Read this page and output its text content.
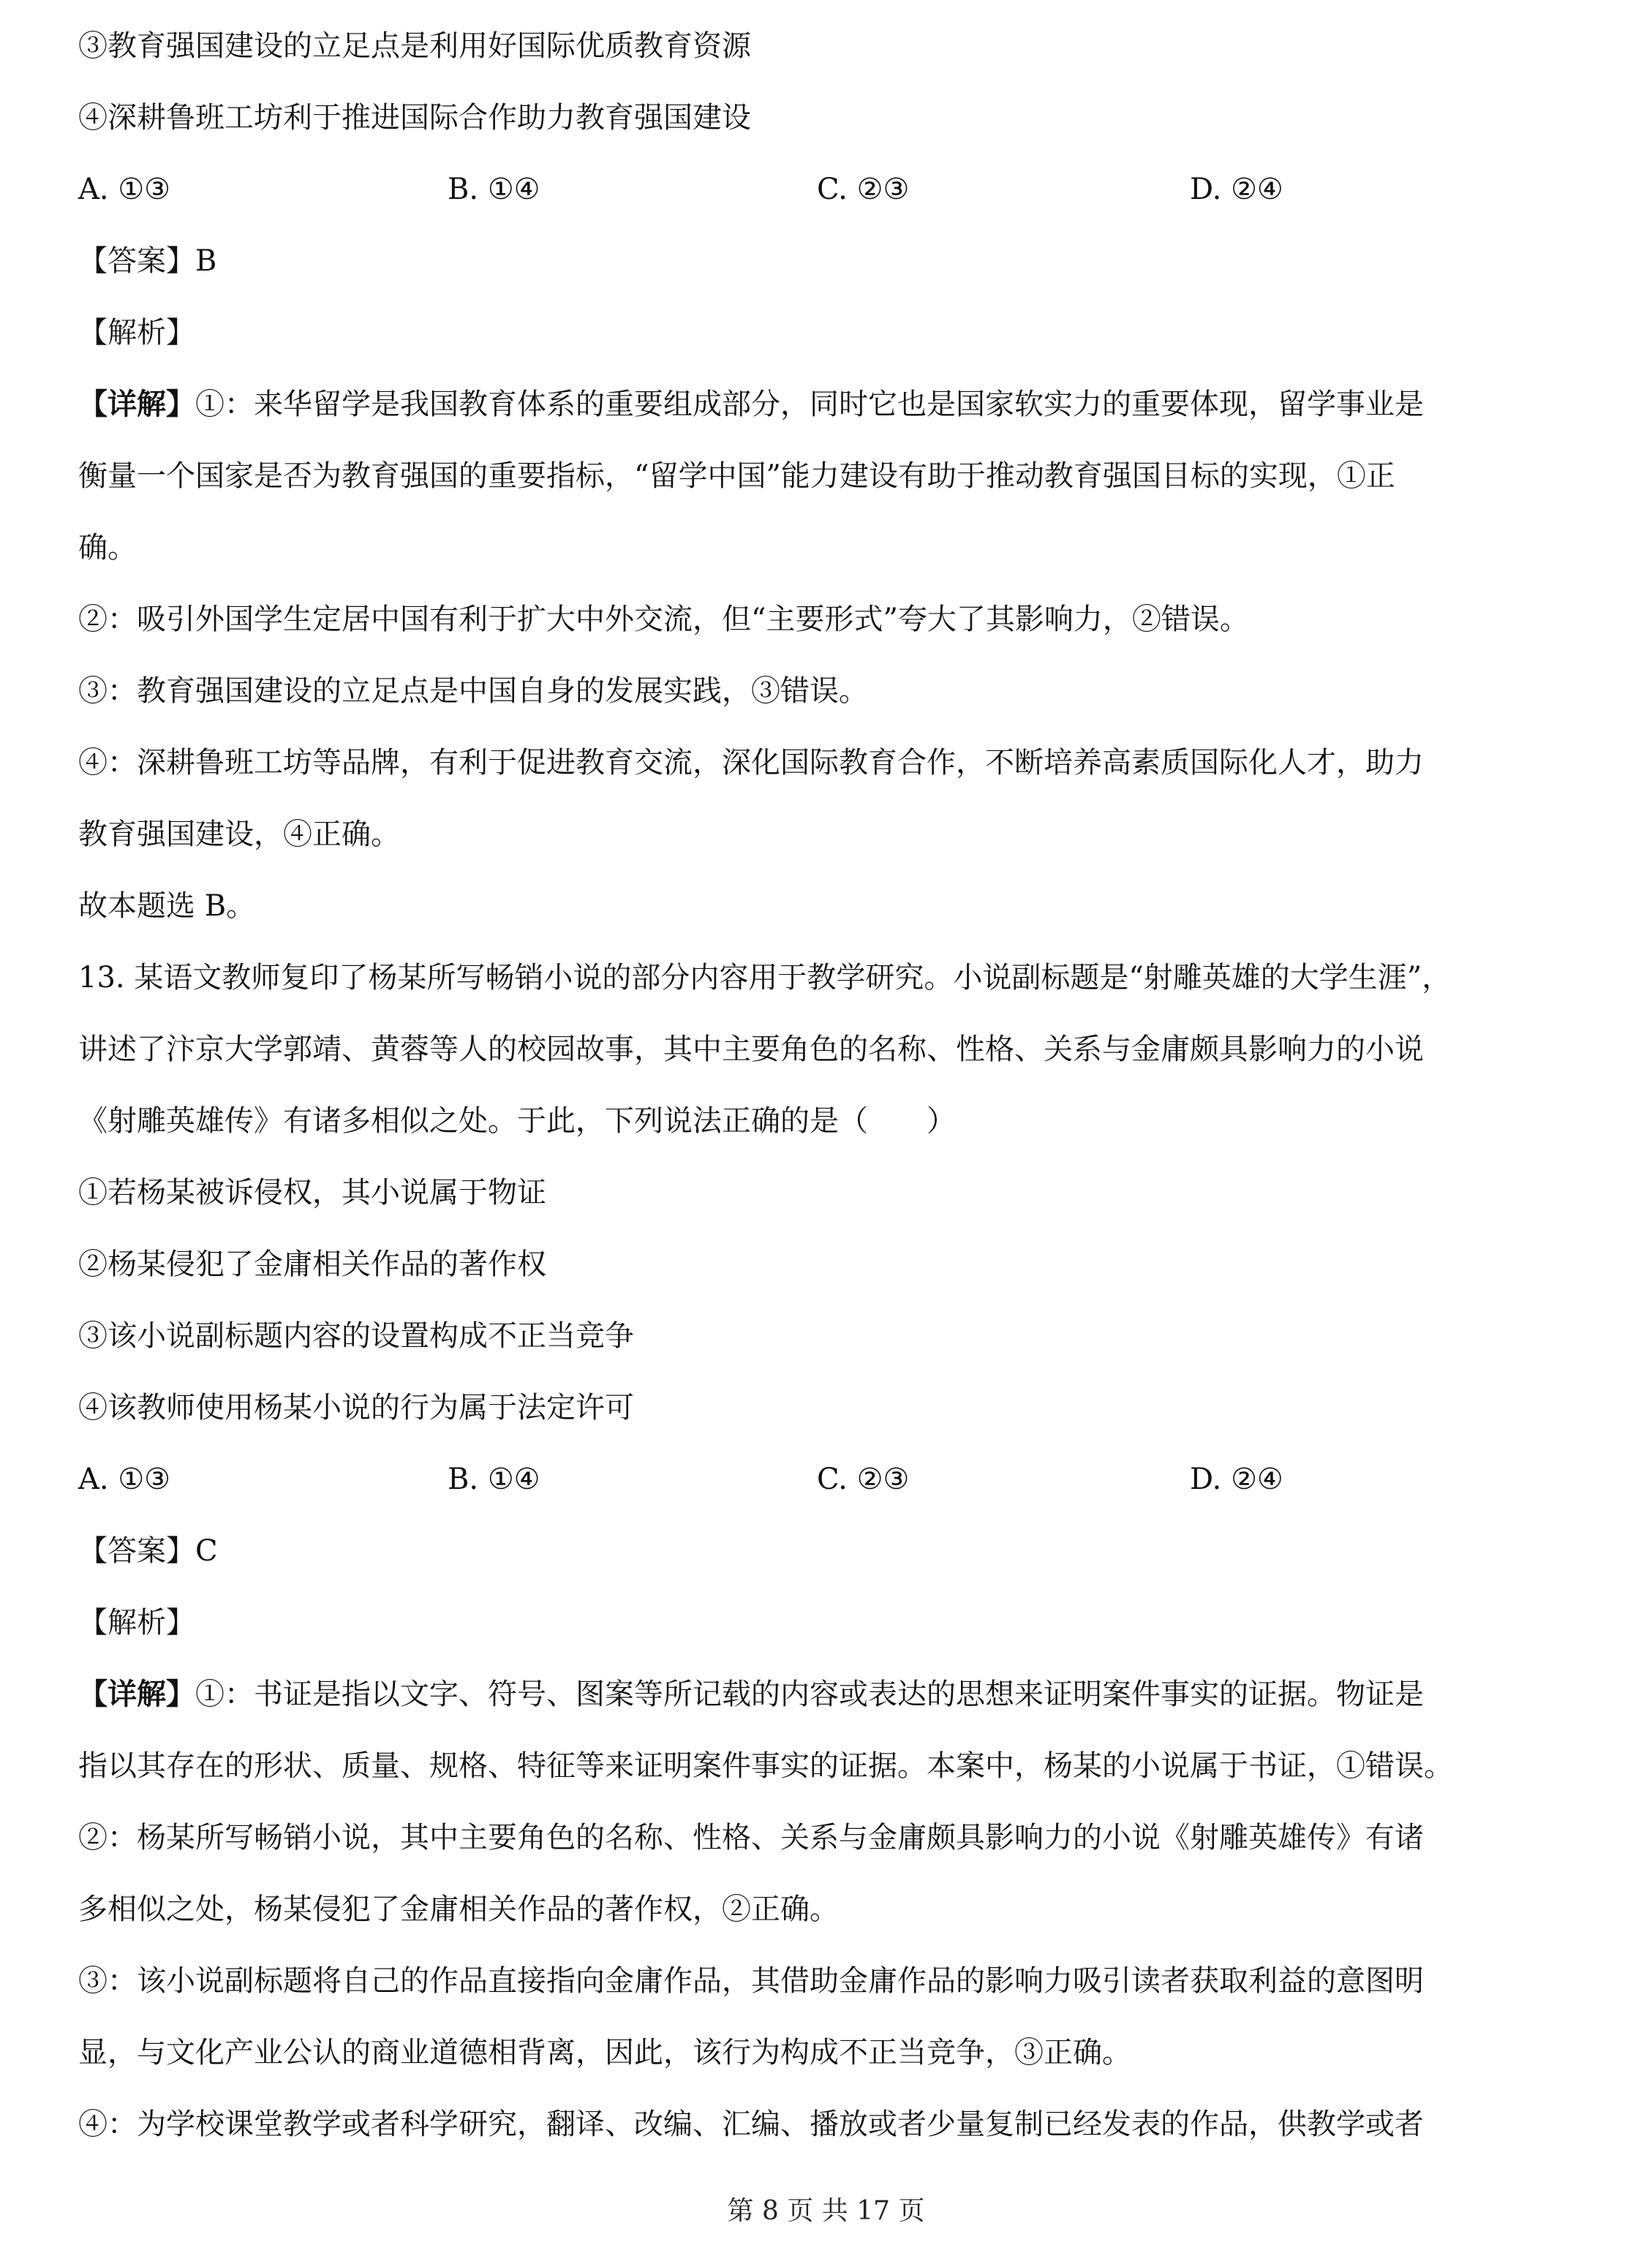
③教育强国建设的立足点是利用好国际优质教育资源
④深耕鲁班工坊利于推进国际合作助力教育强国建设
A. ①③	B. ①④	C. ②③	D. ②④
【答案】B
【解析】
【详解】①：来华留学是我国教育体系的重要组成部分，同时它也是国家软实力的重要体现，留学事业是
衡量一个国家是否为教育强国的重要指标，“留学中国”能力建设有助于推动教育强国目标的实现，①正
确。
②：吸引外国学生定居中国有利于扩大中外交流，但“主要形式”夸大了其影响力，②错误。
③：教育强国建设的立足点是中国自身的发展实践，③错误。
④：深耕鲁班工坊等品牌，有利于促进教育交流，深化国际教育合作，不断培养高素质国际化人才，助力
教育强国建设，④正确。
故本题选 B。
13. 某语文教师复印了杨某所写畅销小说的部分内容用于教学研究。小说副标题是“射雕英雄的大学生涯”，
讲述了汴京大学郭靖、黄蓉等人的校园故事，其中主要角色的名称、性格、关系与金庸颇具影响力的小说
《射雕英雄传》有诸多相似之处。于此，下列说法正确的是（　　）
①若杨某被诉侵权，其小说属于物证
②杨某侵犯了金庸相关作品的著作权
③该小说副标题内容的设置构成不正当竞争
④该教师使用杨某小说的行为属于法定许可
A. ①③	B. ①④	C. ②③	D. ②④
【答案】C
【解析】
【详解】①：书证是指以文字、符号、图案等所记载的内容或表达的思想来证明案件事实的证据。物证是
指以其存在的形状、质量、规格、特征等来证明案件事实的证据。本案中，杨某的小说属于书证，①错误。
②：杨某所写畅销小说，其中主要角色的名称、性格、关系与金庸颇具影响力的小说《射雕英雄传》有诸
多相似之处，杨某侵犯了金庸相关作品的著作权，②正确。
③：该小说副标题将自己的作品直接指向金庸作品，其借助金庸作品的影响力吸引读者获取利益的意图明
显，与文化产业公认的商业道德相背离，因此，该行为构成不正当竞争，③正确。
④：为学校课堂教学或者科学研究，翻译、改编、汇编、播放或者少量复制已经发表的作品，供教学或者
第 8 页 共 17 页
